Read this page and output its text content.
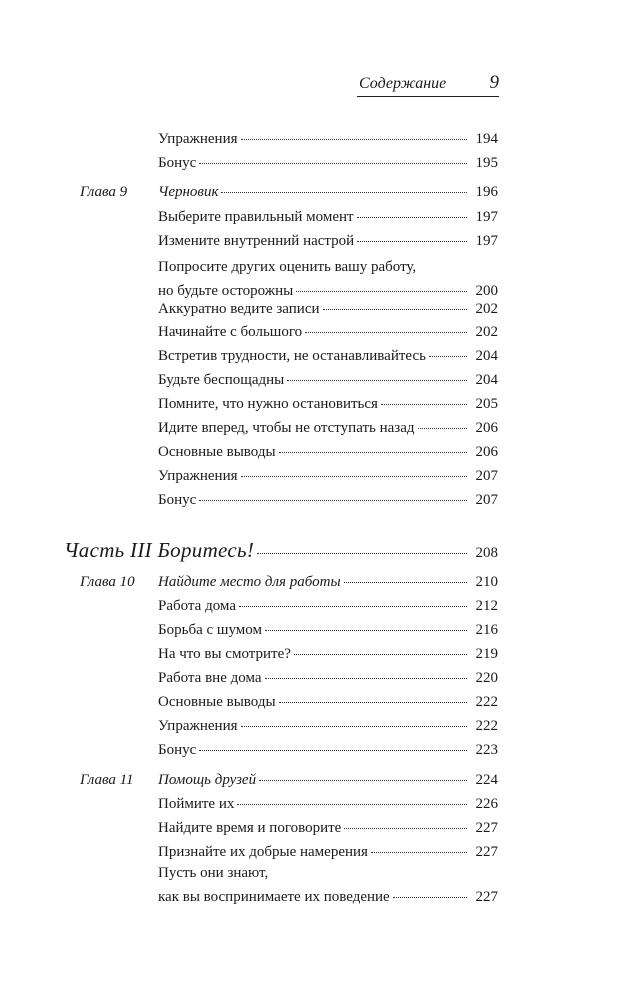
Содержание 9
Упражнения	194
Бонус	195
Глава 9 Черновик	196
Выберите правильный момент	197
Измените внутренний настрой	197
Попросите других оценить вашу работу,
но будьте осторожны	200
Аккуратно ведите записи	202
Начинайте с большого	202
Встретив трудности, не останавливайтесь	204
Будьте беспощадны	204
Помните, что нужно остановиться	205
Идите вперед, чтобы не отступать назад	206
Основные выводы	206
Упражнения	207
Бонус	207
Часть III Боритесь!	208
Глава 10 Найдите место для работы	210
Работа дома	212
Борьба с шумом	216
На что вы смотрите?	219
Работа вне дома	220
Основные выводы	222
Упражнения	222
Бонус	223
Глава 11 Помощь друзей	224
Поймите их	226
Найдите время и поговорите	227
Признайте их добрые намерения	227
Пусть они знают,
как вы воспринимаете их поведение	227
